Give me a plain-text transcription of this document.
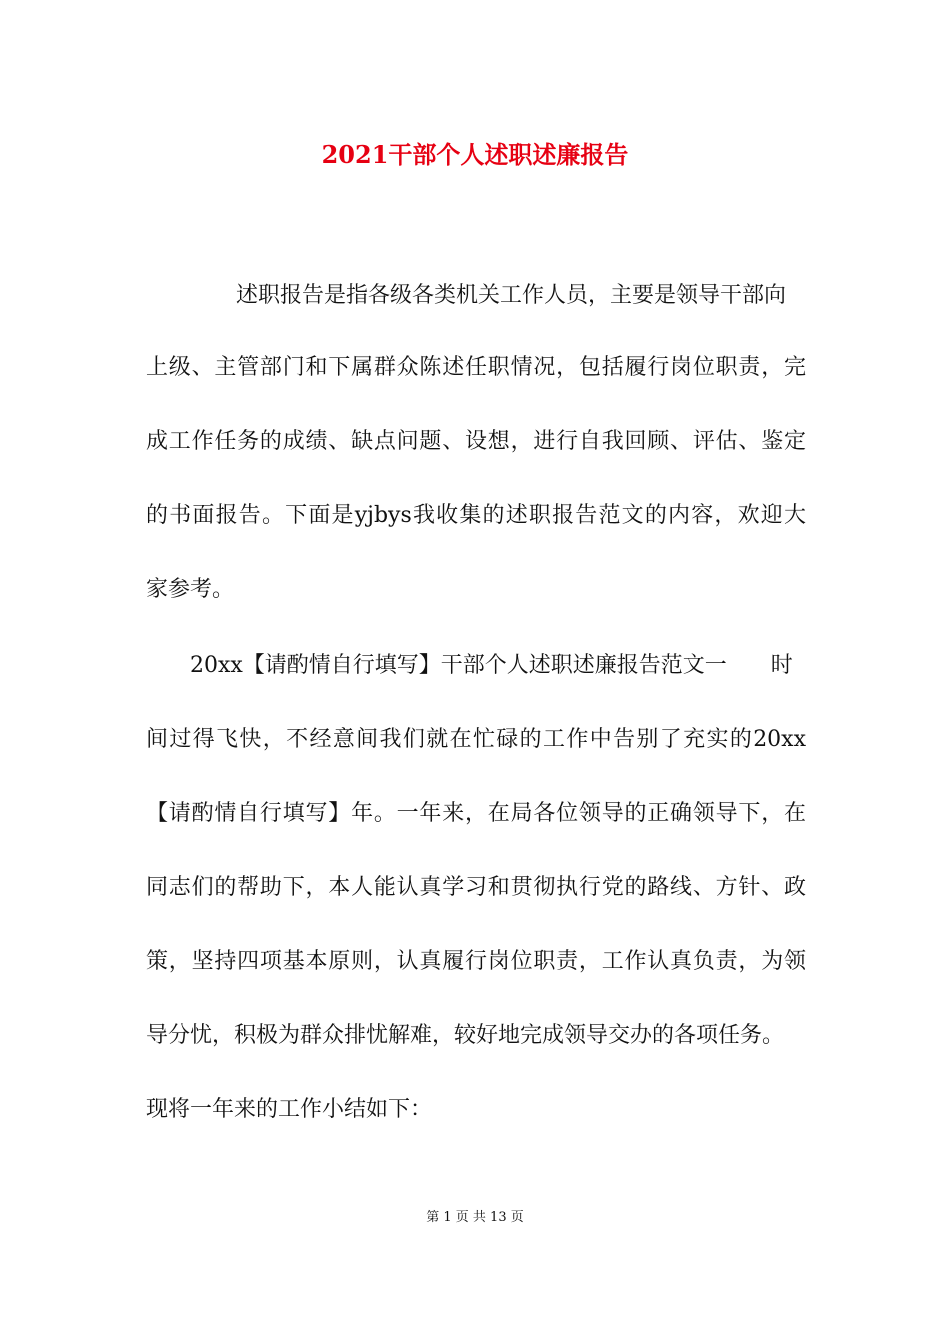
2021干部个人述职述廉报告
述职报告是指各级各类机关工作人员，主要是领导干部向
上级、主管部门和下属群众陈述任职情况，包括履行岗位职责，完
成工作任务的成绩、缺点问题、设想，进行自我回顾、评估、鉴定
的书面报告。下面是yjbys我收集的述职报告范文的内容，欢迎大
家参考。
20xx【请酌情自行填写】干部个人述职述廉报告范文一　　时
间过得飞快，不经意间我们就在忙碌的工作中告别了充实的20xx
【请酌情自行填写】年。一年来，在局各位领导的正确领导下，在
同志们的帮助下，本人能认真学习和贯彻执行党的路线、方针、政
策，坚持四项基本原则，认真履行岗位职责，工作认真负责，为领
导分忧，积极为群众排忧解难，较好地完成领导交办的各项任务。
现将一年来的工作小结如下：
第 1 页 共 13 页
